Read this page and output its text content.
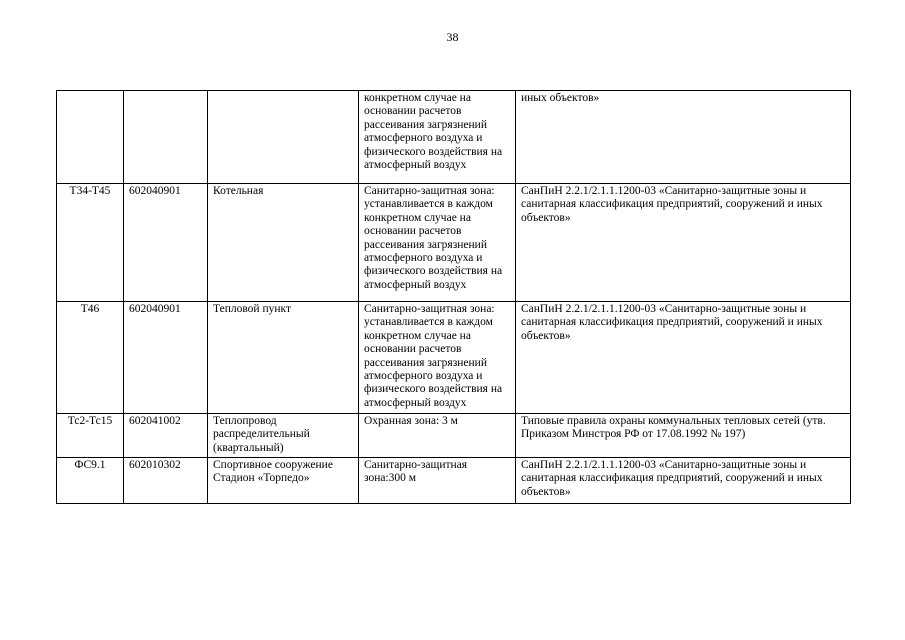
38
			конкретном случае на основании расчетов рассеивания загрязнений атмосферного воздуха и физического воздействия на атмосферный воздух	иных объектов»
Т34-Т45	602040901	Котельная	Санитарно-защитная зона: устанавливается в каждом конкретном случае на основании расчетов рассеивания загрязнений атмосферного воздуха и физического воздействия на атмосферный воздух	СанПиН 2.2.1/2.1.1.1200-03 «Санитарно-защитные зоны и санитарная классификация предприятий, сооружений и иных объектов»
Т46	602040901	Тепловой пункт	Санитарно-защитная зона: устанавливается в каждом конкретном случае на основании расчетов рассеивания загрязнений атмосферного воздуха и физического воздействия на атмосферный воздух	СанПиН 2.2.1/2.1.1.1200-03 «Санитарно-защитные зоны и санитарная классификация предприятий, сооружений и иных объектов»
Тс2-Тс15	602041002	Теплопровод распределительный (квартальный)	Охранная зона: 3 м	Типовые правила охраны коммунальных тепловых сетей (утв. Приказом Минстроя РФ от 17.08.1992 № 197)
ФС9.1	602010302	Спортивное сооружение Стадион «Торпедо»	Санитарно-защитная зона:300 м	СанПиН 2.2.1/2.1.1.1200-03 «Санитарно-защитные зоны и санитарная классификация предприятий, сооружений и иных объектов»
